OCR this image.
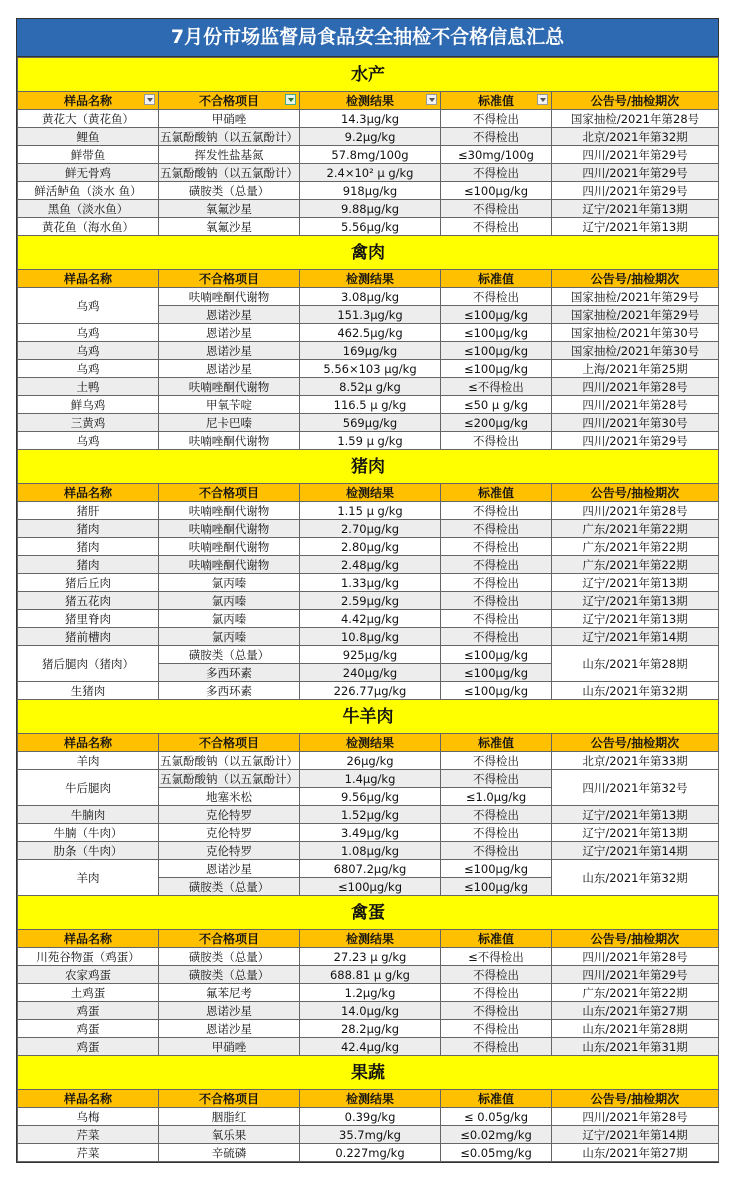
7月份市场监督局食品安全抽检不合格信息汇总
水产				
样品名称	不合格项目	检测结果	标准值	公告号/抽检期次
黄花大（黄花鱼）	甲硝唑	14.3μg/kg	不得检出	国家抽检/2021年第28号
鲤鱼	五氯酚酸钠（以五氯酚计）	9.2μg/kg	不得检出	北京/2021年第32期
鲜带鱼	挥发性盐基氮	57.8mg/100g	≤30mg/100g	四川/2021年第29号
鲜无骨鸡	五氯酚酸钠（以五氯酚计）	2.4×10² μ g/kg	不得检出	四川/2021年第29号
鲜活鲈鱼（淡水 鱼）	磺胺类（总量）	918μg/kg	≤100μg/kg	四川/2021年第29号
黑鱼（淡水鱼）	氧氟沙星	9.88μg/kg	不得检出	辽宁/2021年第13期
黄花鱼（海水鱼）	氧氟沙星	5.56μg/kg	不得检出	辽宁/2021年第13期
禽肉				
样品名称	不合格项目	检测结果	标准值	公告号/抽检期次
乌鸡	呋喃唑酮代谢物	3.08μg/kg	不得检出	国家抽检/2021年第29号
	恩诺沙星	151.3μg/kg	≤100μg/kg	国家抽检/2021年第29号
乌鸡	恩诺沙星	462.5μg/kg	≤100μg/kg	国家抽检/2021年第30号
乌鸡	恩诺沙星	169μg/kg	≤100μg/kg	国家抽检/2021年第30号
乌鸡	恩诺沙星	5.56×103 μg/kg	≤100μg/kg	上海/2021年第25期
土鸭	呋喃唑酮代谢物	8.52μ g/kg	≤不得检出	四川/2021年第28号
鲜乌鸡	甲氧苄啶	116.5 μ g/kg	≤50 μ g/kg	四川/2021年第28号
三黄鸡	尼卡巴嗪	569μg/kg	≤200μg/kg	四川/2021年第30号
乌鸡	呋喃唑酮代谢物	1.59 μ g/kg	不得检出	四川/2021年第29号
猪肉				
样品名称	不合格项目	检测结果	标准值	公告号/抽检期次
猪肝	呋喃唑酮代谢物	1.15 μ g/kg	不得检出	四川/2021年第28号
猪肉	呋喃唑酮代谢物	2.70μg/kg	不得检出	广东/2021年第22期
猪肉	呋喃唑酮代谢物	2.80μg/kg	不得检出	广东/2021年第22期
猪肉	呋喃唑酮代谢物	2.48μg/kg	不得检出	广东/2021年第22期
猪后丘肉	氯丙嗪	1.33μg/kg	不得检出	辽宁/2021年第13期
猪五花肉	氯丙嗪	2.59μg/kg	不得检出	辽宁/2021年第13期
猪里脊肉	氯丙嗪	4.42μg/kg	不得检出	辽宁/2021年第13期
猪前槽肉	氯丙嗪	10.8μg/kg	不得检出	辽宁/2021年第14期
猪后腿肉（猪肉）	磺胺类（总量）	925μg/kg	≤100μg/kg	山东/2021年第28期
	多西环素	240μg/kg	≤100μg/kg	
生猪肉	多西环素	226.77μg/kg	≤100μg/kg	山东/2021年第32期
牛羊肉				
样品名称	不合格项目	检测结果	标准值	公告号/抽检期次
羊肉	五氯酚酸钠（以五氯酚计）	26μg/kg	不得检出	北京/2021年第33期
牛后腿肉	五氯酚酸钠（以五氯酚计）	1.4μg/kg	不得检出	四川/2021年第32号
	地塞米松	9.56μg/kg	≤1.0μg/kg	
牛腩肉	克伦特罗	1.52μg/kg	不得检出	辽宁/2021年第13期
牛腩（牛肉）	克伦特罗	3.49μg/kg	不得检出	辽宁/2021年第13期
肋条（牛肉）	克伦特罗	1.08μg/kg	不得检出	辽宁/2021年第14期
羊肉	恩诺沙星	6807.2μg/kg	≤100μg/kg	山东/2021年第32期
	磺胺类（总量）	≤100μg/kg	≤100μg/kg	
禽蛋				
样品名称	不合格项目	检测结果	标准值	公告号/抽检期次
川苑谷物蛋（鸡蛋）	磺胺类（总量）	27.23 μ g/kg	≤不得检出	四川/2021年第28号
农家鸡蛋	磺胺类（总量）	688.81 μ g/kg	不得检出	四川/2021年第29号
土鸡蛋	氟苯尼考	1.2μg/kg	不得检出	广东/2021年第22期
鸡蛋	恩诺沙星	14.0μg/kg	不得检出	山东/2021年第27期
鸡蛋	恩诺沙星	28.2μg/kg	不得检出	山东/2021年第28期
鸡蛋	甲硝唑	42.4μg/kg	不得检出	山东/2021年第31期
果蔬				
样品名称	不合格项目	检测结果	标准值	公告号/抽检期次
乌梅	胭脂红	0.39g/kg	≤ 0.05g/kg	四川/2021年第28号
芹菜	氧乐果	35.7mg/kg	≤0.02mg/kg	辽宁/2021年第14期
芹菜	辛硫磷	0.227mg/kg	≤0.05mg/kg	山东/2021年第27期
